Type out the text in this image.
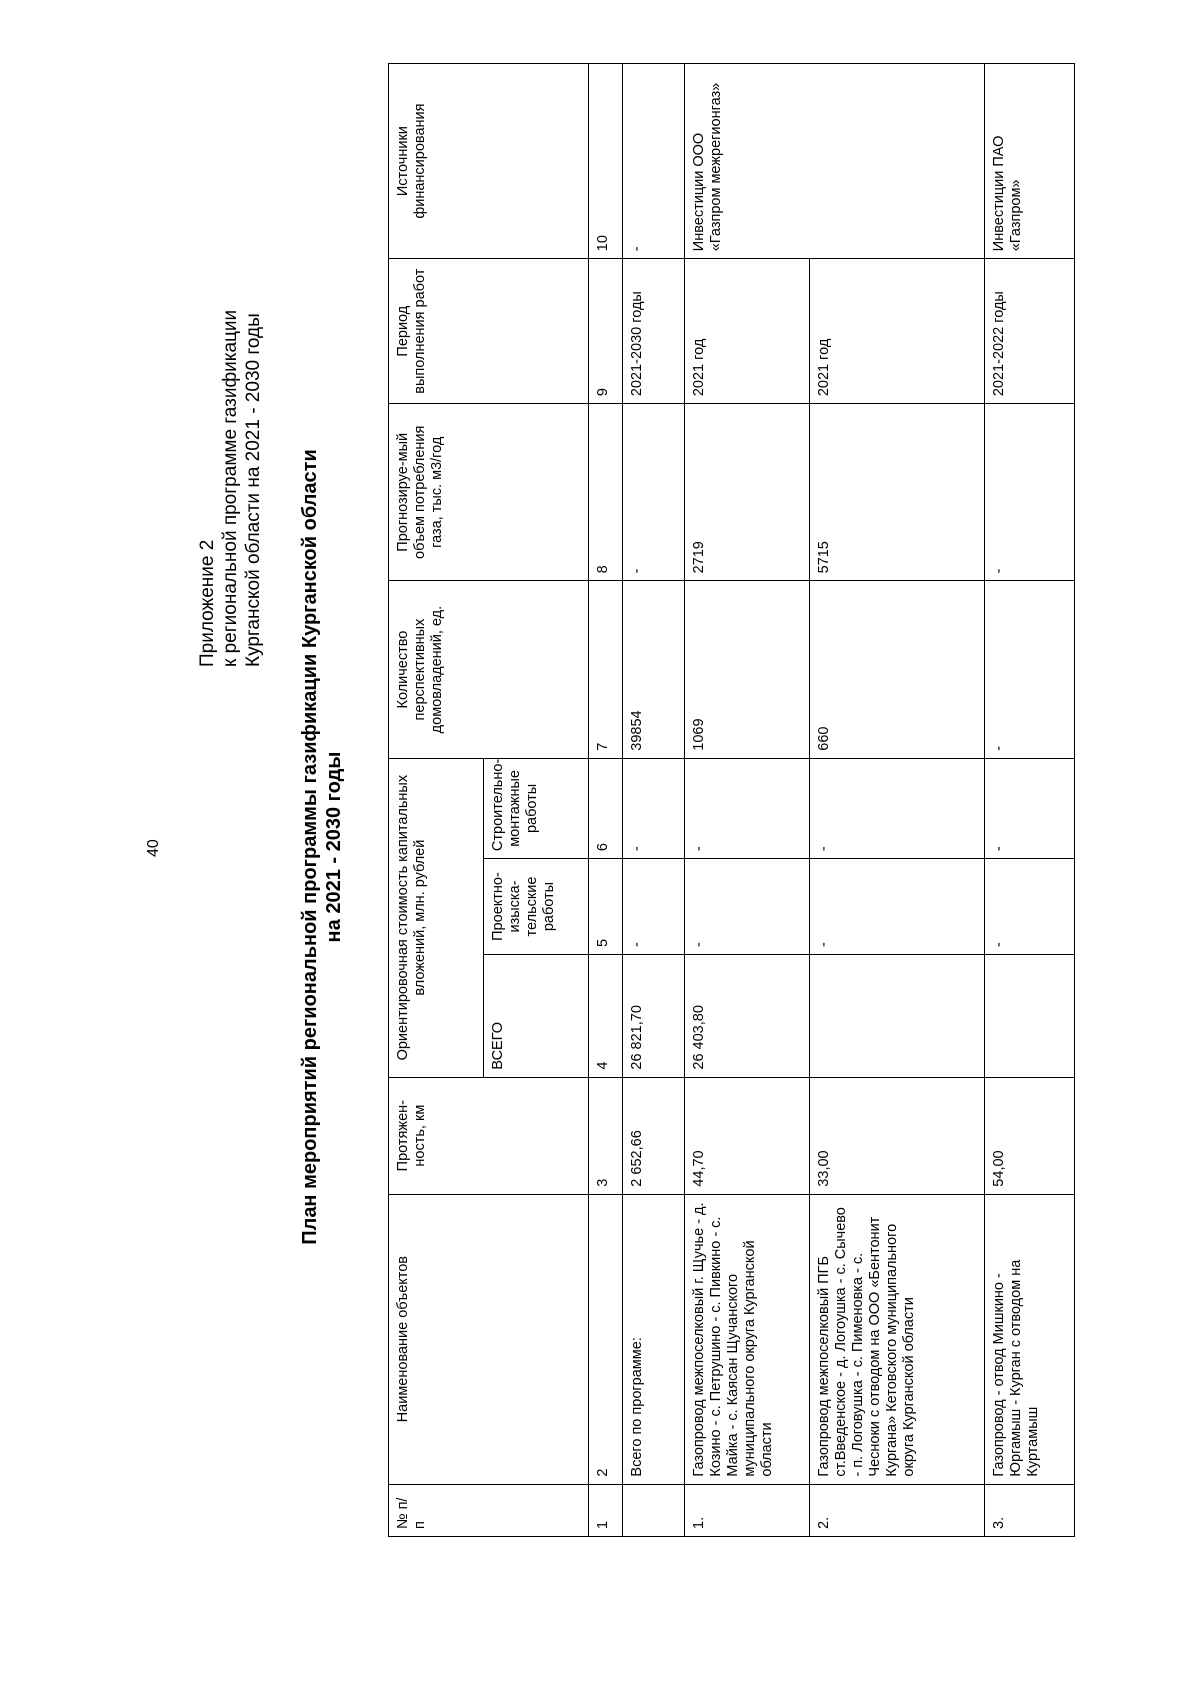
40
Приложение 2 к региональной программе газификации Курганской области на 2021 - 2030 годы План мероприятий региональной программы газификации Курганской области на 2021 - 2030 годы
№ п/п	Наименование объектов	Протяжен-ность, км	Ориентировочная стоимость капитальных вложений, млн. рублей			Количество перспективных домовладений, ед.	Прогнозируе-мый объем потребления газа, тыс. м3/год	Период выполнения работ	Источники финансирования
			ВСЕГО	Проектно-изыска-тельские работы	Строительно-монтажные работы				
1	2	3	4	5	6	7	8	9	10
	Всего по программе:	2 652,66	26 821,70	-	-	39854	-	2021-2030 годы	-
1.	Газопровод межпоселковый г. Щучье - д. Козино - с. Петрушино - с. Пивкино - с. Майка - с. Каясан Щучанского муниципального округа Курганской области	44,70	26 403,80	-	-	1069	2719	2021 год	Инвестиции ООО «Газпром межрегионгаз»
2.	Газопровод межпоселковый ПГБ ст.Введенское - д. Логоушка - с. Сычево - п. Логовушка - с. Пименовка - с. Чесноки с отводом на ООО «Бентонит Кургана» Кетовского муниципального округа Курганской области	33,00		-	-	660	5715	2021 год	
3.	Газопровод - отвод Мишкино - Юргамыш - Курган с отводом на Куртамыш	54,00		-	-	-	-	2021-2022 годы	Инвестиции ПАО «Газпром»
